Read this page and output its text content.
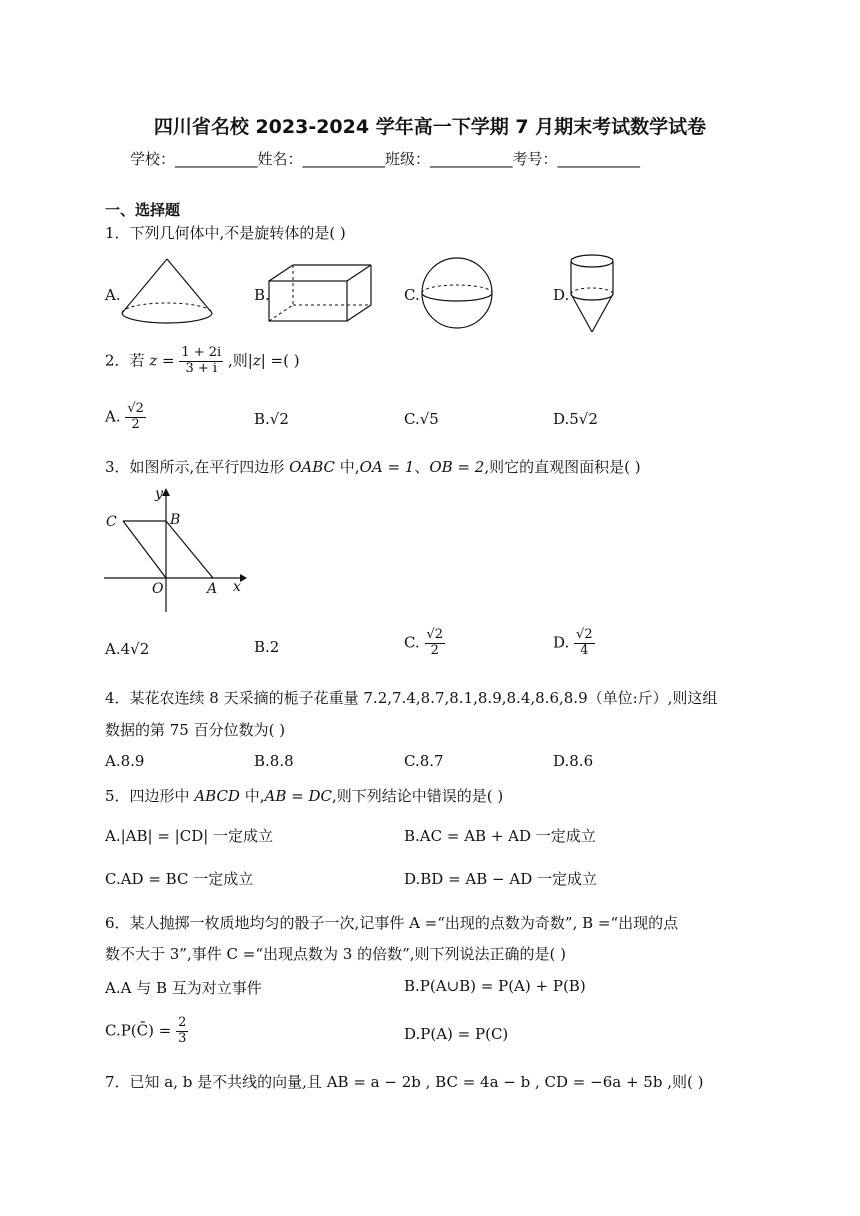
四川省名校 2023-2024 学年高一下学期 7 月期末考试数学试卷
学校：___________姓名：___________班级：___________考号：___________
一、选择题
1．下列几何体中,不是旋转体的是( )
A.	B.	C.	D.
2．若 $z = \frac{1 + 2i}{3 + i}$ ,则|z| =( )
A. $\frac{√2}{2}$	B.√2	C.√5	D.5√2
3．如图所示,在平行四边形 OABC 中,OA = 1、OB = 2,则它的直观图面积是( )
y
C	B
O	A x
A.4√2	B.2	C. $\frac{√2}{2}$	D. $\frac{√2}{4}$
4．某花农连续 8 天采摘的栀子花重量 7.2,7.4,8.7,8.1,8.9,8.4,8.6,8.9（单位:斤）,则这组
数据的第 75 百分位数为( )
A.8.9	B.8.8	C.8.7	D.8.6
5．四边形中 ABCD 中,AB = DC,则下列结论中错误的是( )
A.|AB| = |CD| 一定成立	B.AC = AB + AD 一定成立
C.AD = BC 一定成立	D.BD = AB − AD 一定成立
6．某人抛掷一枚质地均匀的骰子一次,记事件 A =“出现的点数为奇数”, B =“出现的点
数不大于 3”,事件 C =“出现点数为 3 的倍数”,则下列说法正确的是( )
A.A 与 B 互为对立事件	B.P(A∪B) = P(A) + P(B)
C.P(C̄) = $\frac{2}{3}$	D.P(A) = P(C)
7．已知 a, b 是不共线的向量,且 AB = a − 2b , BC = 4a − b , CD = −6a + 5b ,则( )
